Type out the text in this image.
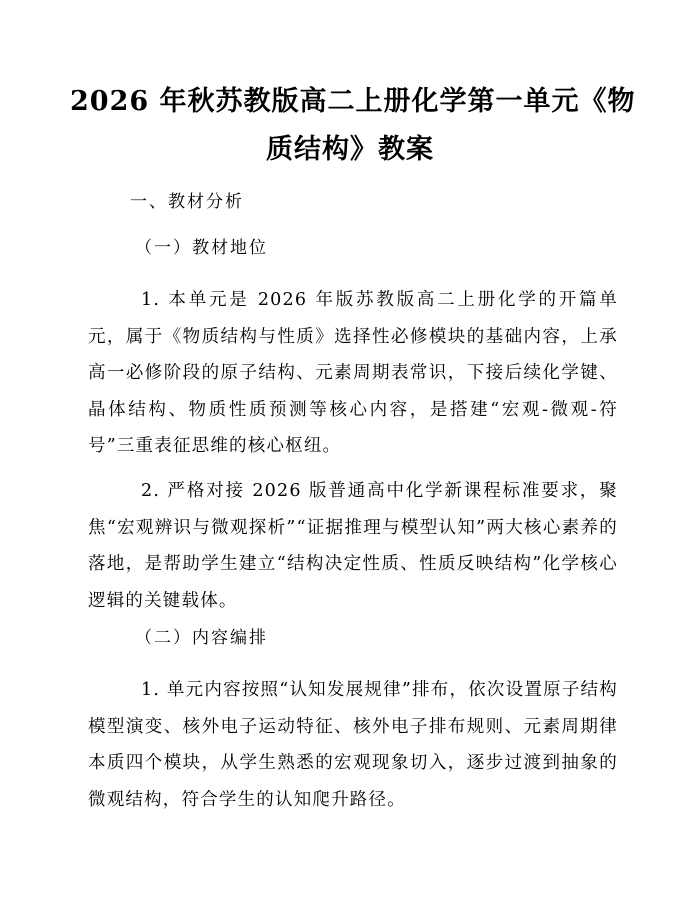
2026 年秋苏教版高二上册化学第一单元《物
质结构》教案
一、教材分析
（一）教材地位
1. 本单元是 2026 年版苏教版高二上册化学的开篇单元，属于《物质结构与性质》选择性必修模块的基础内容，上承高一必修阶段的原子结构、元素周期表常识，下接后续化学键、晶体结构、物质性质预测等核心内容，是搭建“宏观-微观-符号”三重表征思维的核心枢纽。
2. 严格对接 2026 版普通高中化学新课程标准要求，聚焦“宏观辨识与微观探析”“证据推理与模型认知”两大核心素养的落地，是帮助学生建立“结构决定性质、性质反映结构”化学核心逻辑的关键载体。
（二）内容编排
1. 单元内容按照“认知发展规律”排布，依次设置原子结构模型演变、核外电子运动特征、核外电子排布规则、元素周期律本质四个模块，从学生熟悉的宏观现象切入，逐步过渡到抽象的微观结构，符合学生的认知爬升路径。
